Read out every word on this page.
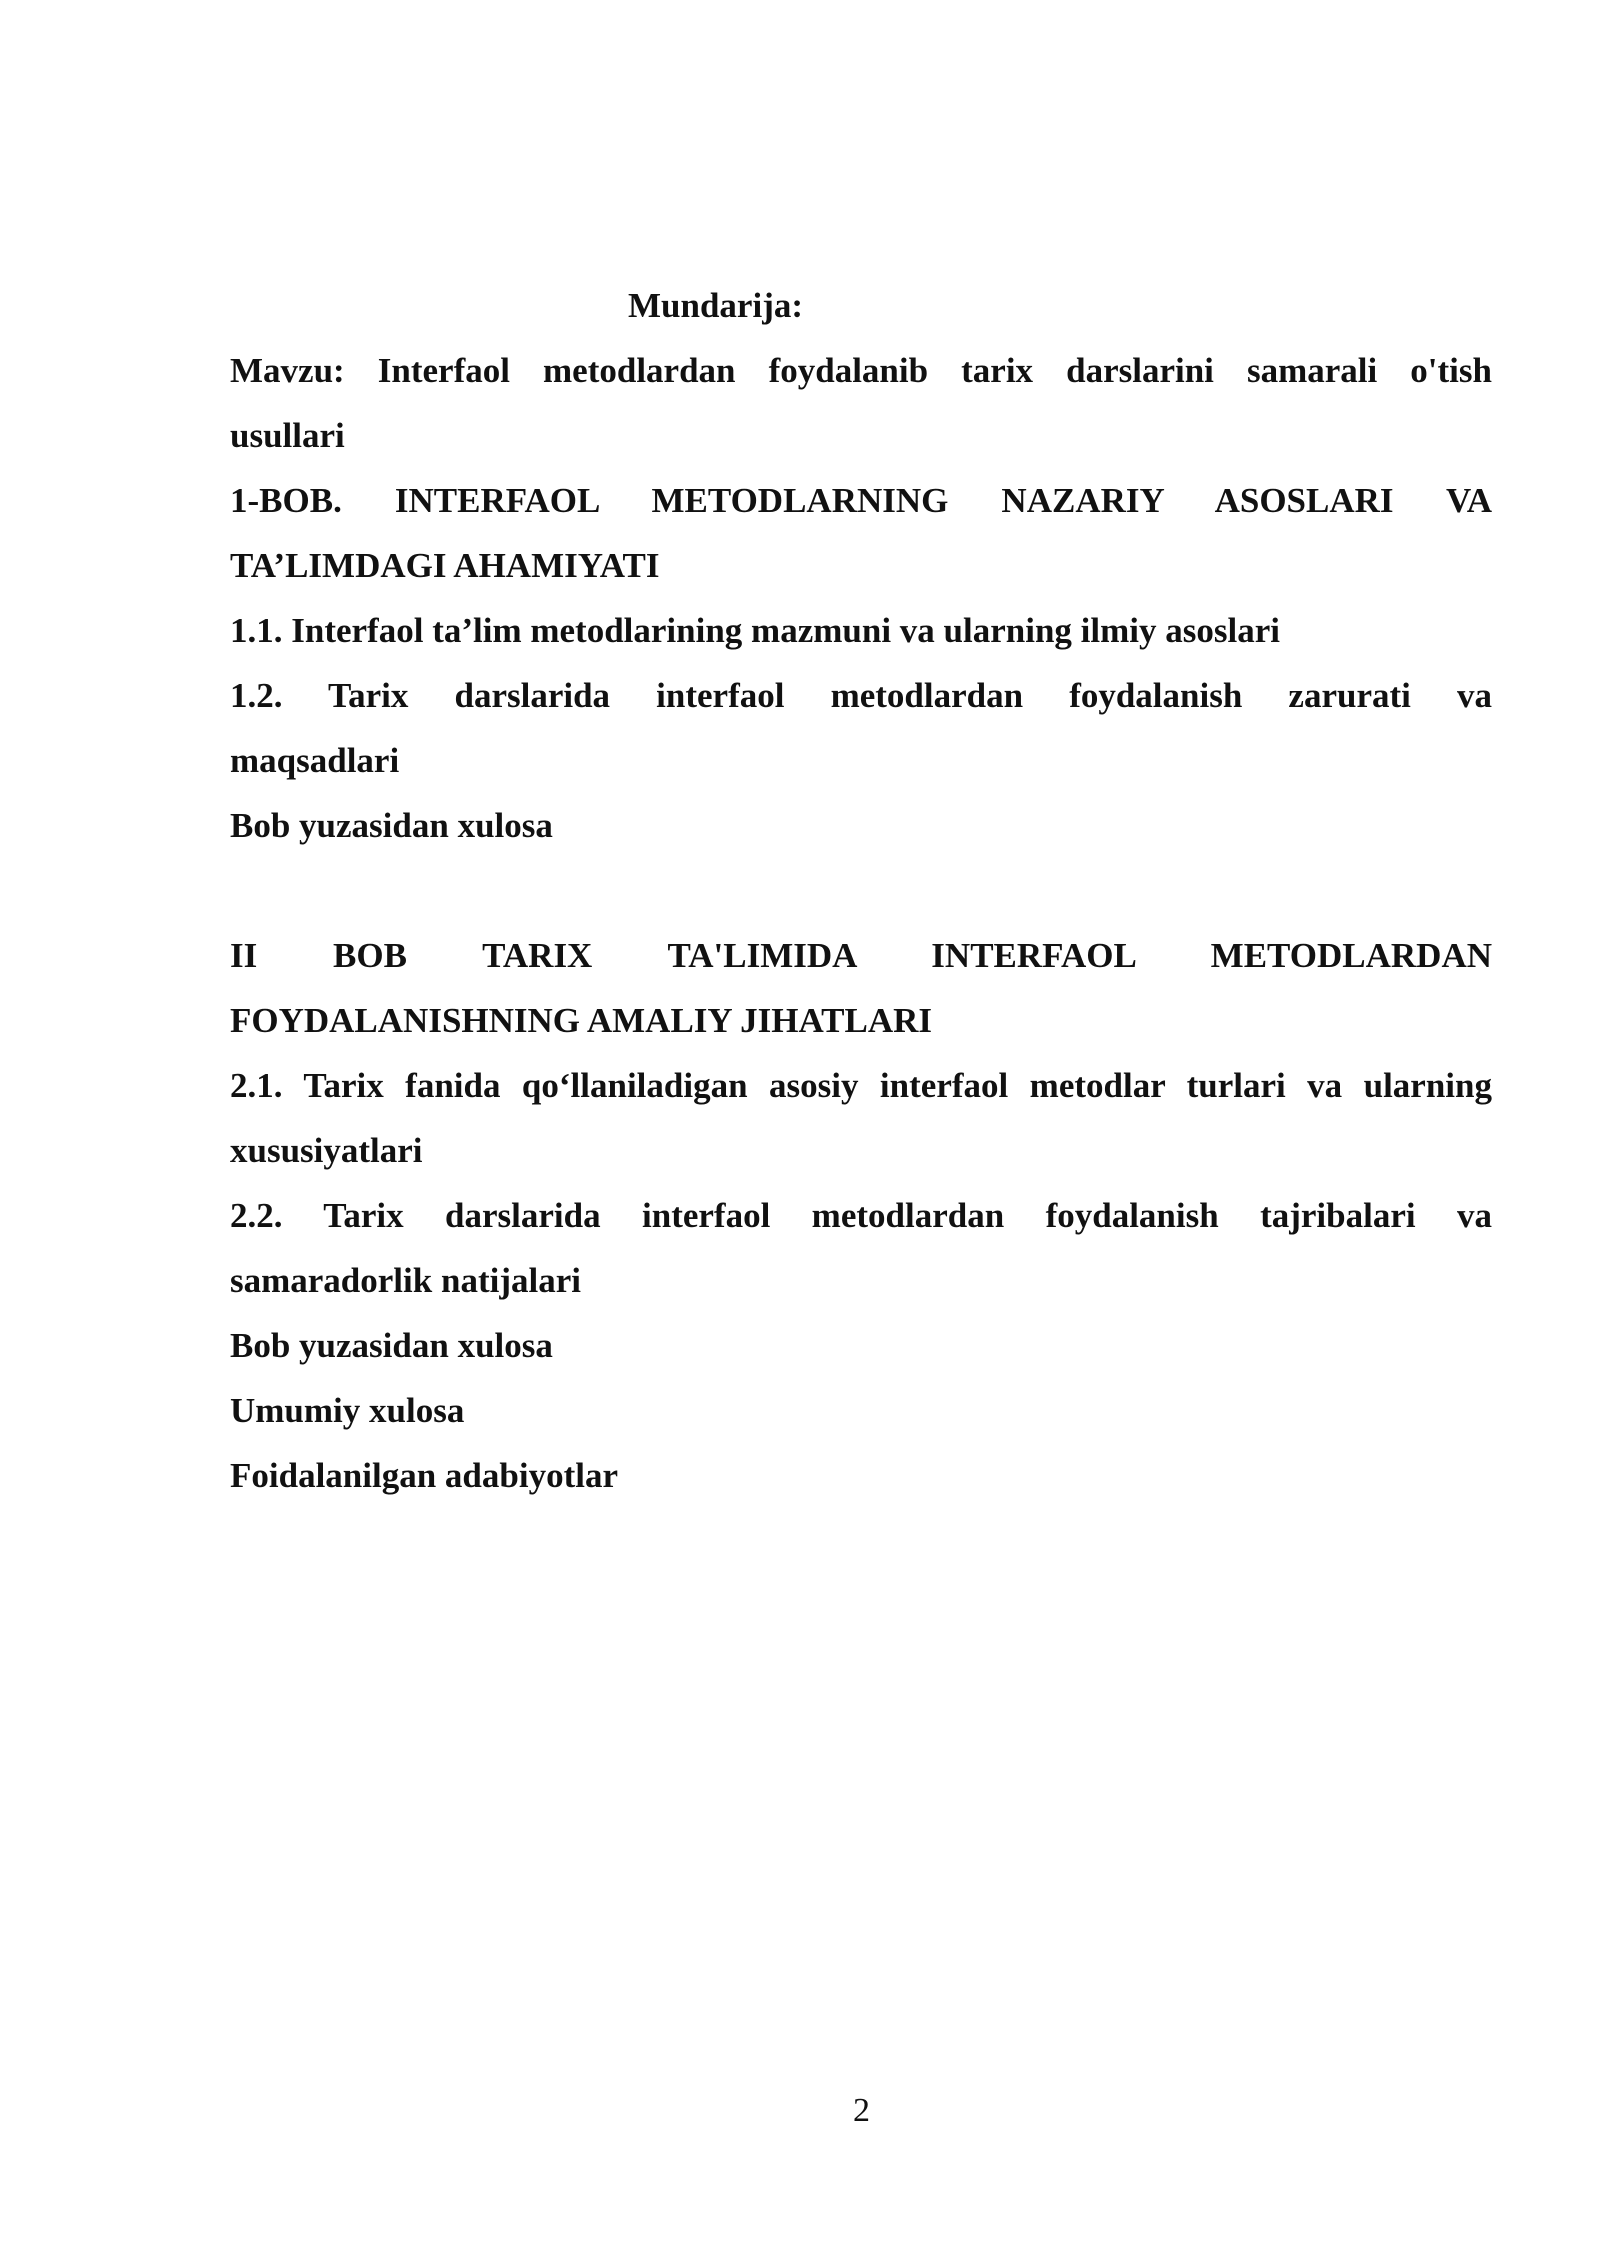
Mundarija:

Mavzu: Interfaol metodlardan foydalanib tarix darslarini samarali o'tish

usullari

1-BOB. INTERFAOL METODLARNING NAZARIY ASOSLARI VA

TA’LIMDAGI AHAMIYATI

1.1. Interfaol ta’lim metodlarining mazmuni va ularning ilmiy asoslari

1.2. Tarix darslarida interfaol metodlardan foydalanish zarurati va

maqsadlari

Bob yuzasidan xulosa

II BOB TARIX TA'LIMIDA INTERFAOL METODLARDAN

FOYDALANISHNING AMALIY JIHATLARI

2.1. Tarix fanida qo‘llaniladigan asosiy interfaol metodlar turlari va ularning

xususiyatlari

2.2. Tarix darslarida interfaol metodlardan foydalanish tajribalari va

samaradorlik natijalari

Bob yuzasidan xulosa

Umumiy xulosa

Foidalanilgan adabiyotlar

2
